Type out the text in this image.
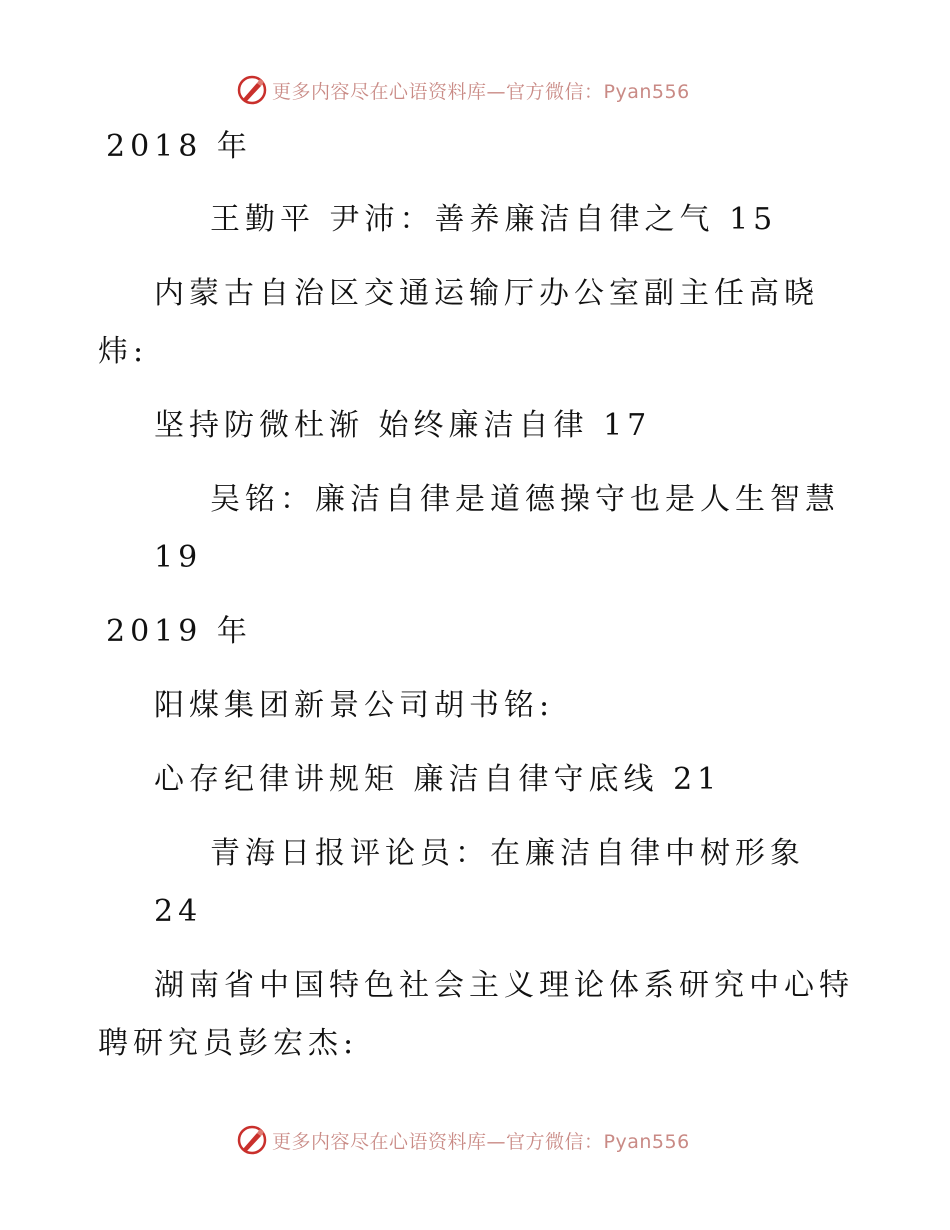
更多内容尽在心语资料库—官方微信：Pyan556
2018 年
王勤平 尹沛：善养廉洁自律之气 15
内蒙古自治区交通运输厅办公室副主任高晓
炜:
坚持防微杜渐 始终廉洁自律 17
吴铭：廉洁自律是道德操守也是人生智慧
19
2019 年
阳煤集团新景公司胡书铭:
心存纪律讲规矩 廉洁自律守底线 21
青海日报评论员：在廉洁自律中树形象
24
湖南省中国特色社会主义理论体系研究中心特
聘研究员彭宏杰:
更多内容尽在心语资料库—官方微信：Pyan556
